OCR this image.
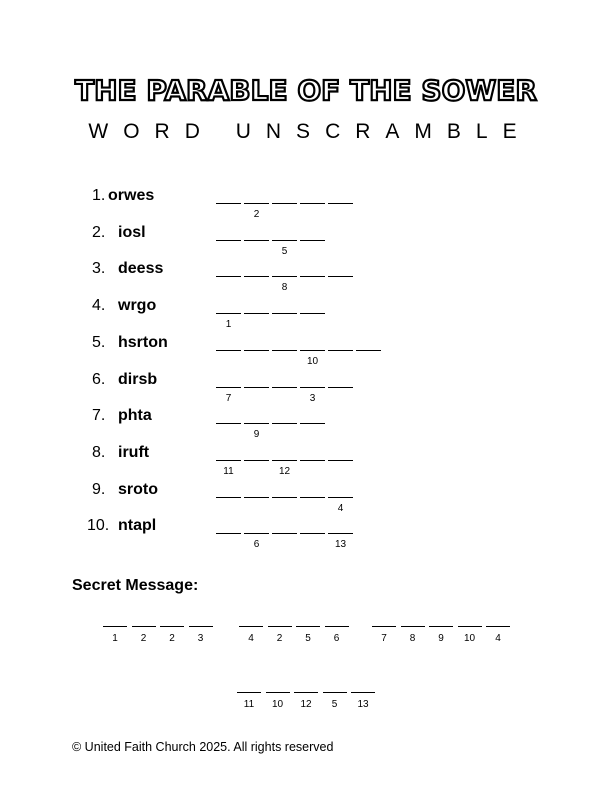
THE PARABLE OF THE SOWER
WORD UNSCRAMBLE
1. orwes
2
2. iosl
5
3. deess
8
4. wrgo
1
5. hsrton
10
6. dirsb
7	3
7. phta
9
8. iruft
11	12
9. sroto
4
10. ntapl
6	13
Secret Message:
1	2	2	3	4	2	5	6	7	8	9	10	4
11	10	12	5	13
© United Faith Church 2025. All rights reserved
